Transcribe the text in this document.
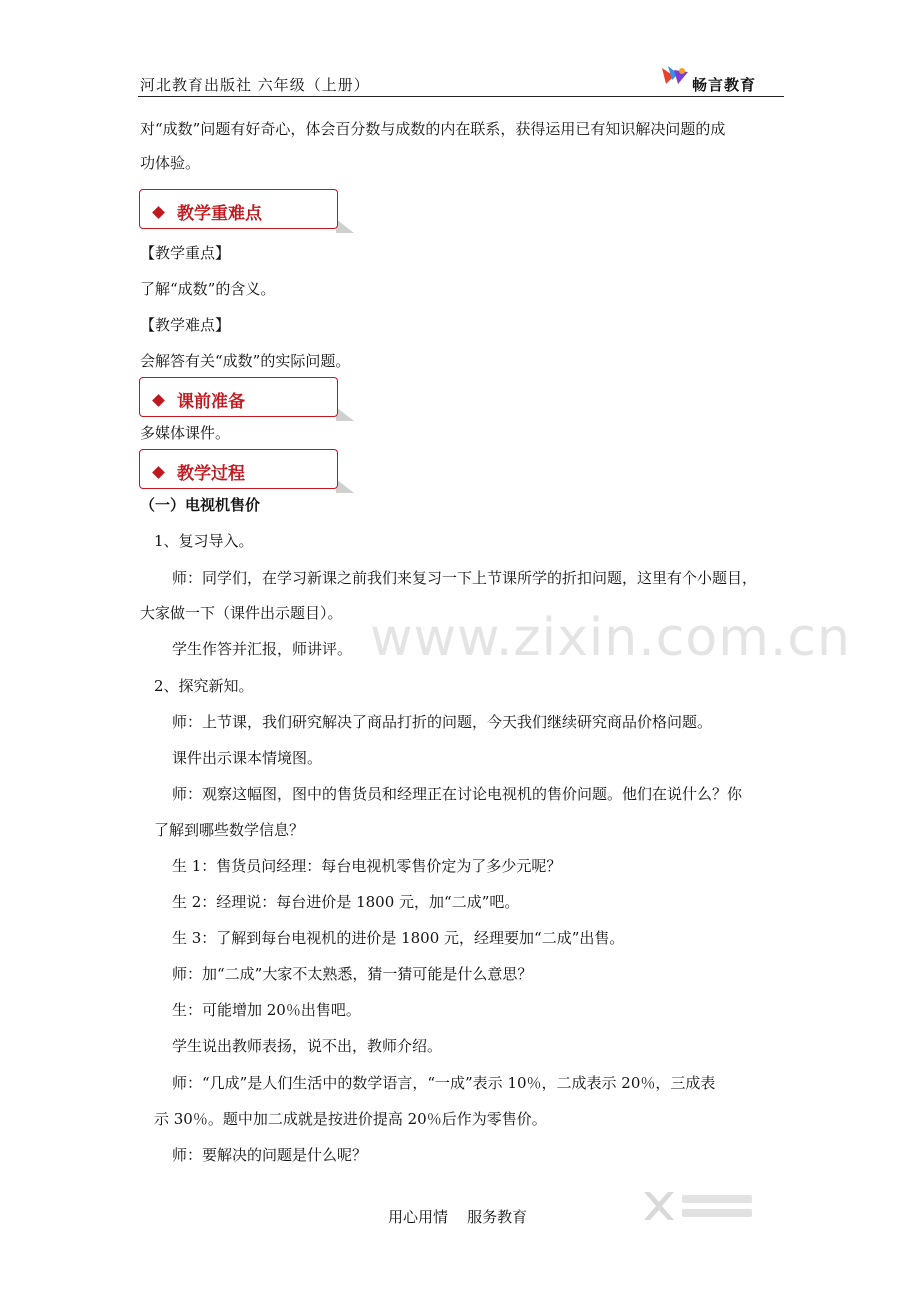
河北教育出版社 六年级（上册）	畅言教育
对“成数”问题有好奇心，体会百分数与成数的内在联系，获得运用已有知识解决问题的成
功体验。
教学重难点
【教学重点】
了解“成数”的含义。
【教学难点】
会解答有关“成数”的实际问题。
课前准备
多媒体课件。
教学过程
www.zixin.com.cn
（一）电视机售价
1、复习导入。
师：同学们，在学习新课之前我们来复习一下上节课所学的折扣问题，这里有个小题目，
大家做一下（课件出示题目）。
学生作答并汇报，师讲评。
2、探究新知。
师：上节课，我们研究解决了商品打折的问题，今天我们继续研究商品价格问题。
课件出示课本情境图。
师：观察这幅图，图中的售货员和经理正在讨论电视机的售价问题。他们在说什么？你
了解到哪些数学信息？
生 1：售货员问经理：每台电视机零售价定为了多少元呢？
生 2：经理说：每台进价是 1800 元，加“二成”吧。
生 3：了解到每台电视机的进价是 1800 元，经理要加“二成”出售。
师：加“二成”大家不太熟悉，猜一猜可能是什么意思？
生：可能增加 20％出售吧。
学生说出教师表扬，说不出，教师介绍。
师：“几成”是人们生活中的数学语言，“一成”表示 10％，二成表示 20％，三成表
示 30％。题中加二成就是按进价提高 20％后作为零售价。
师：要解决的问题是什么呢？
用心用情    服务教育
